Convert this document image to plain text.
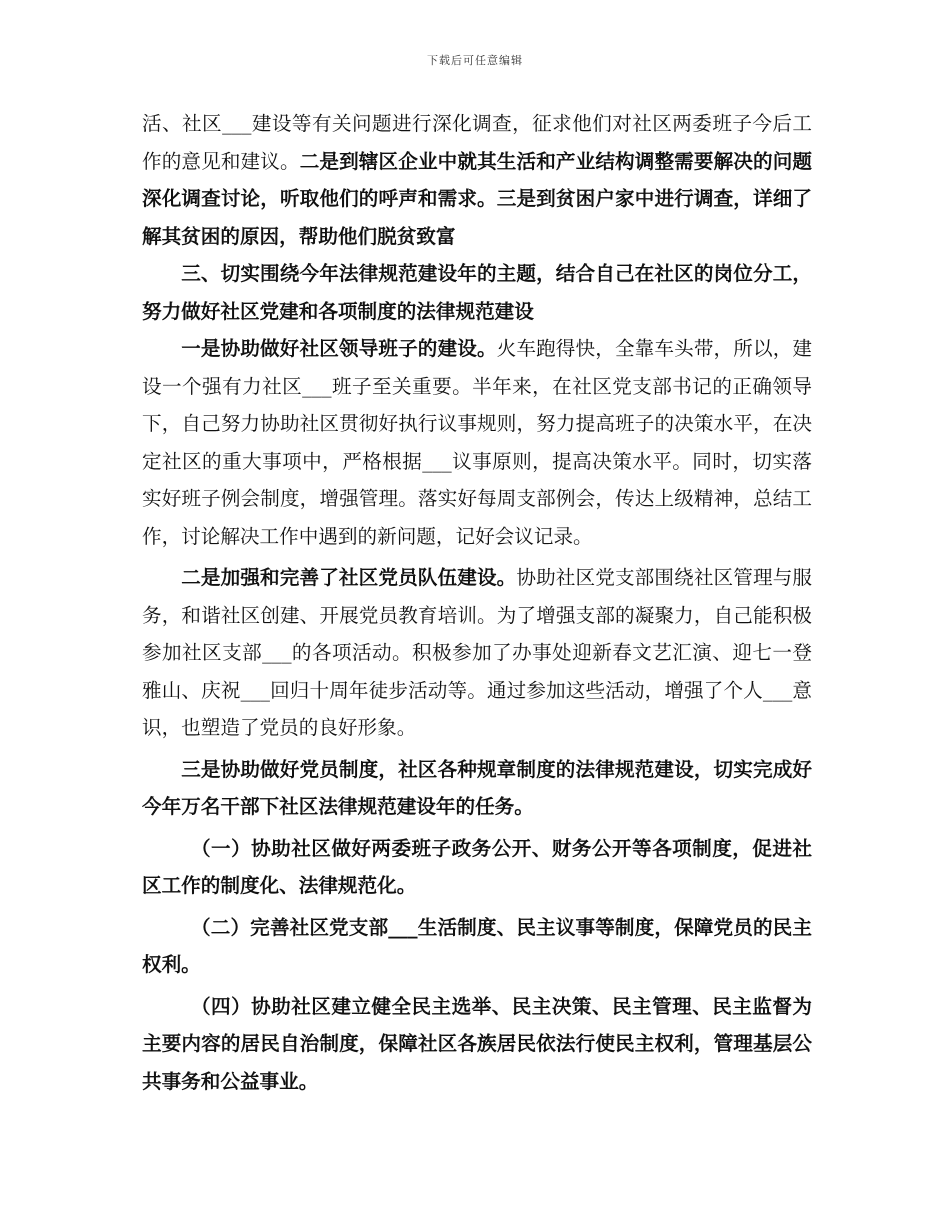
下载后可任意编辑

活、社区___建设等有关问题进行深化调查，征求他们对社区两委班子今后工作的意见和建议。二是到辖区企业中就其生活和产业结构调整需要解决的问题深化调查讨论，听取他们的呼声和需求。三是到贫困户家中进行调查，详细了解其贫困的原因，帮助他们脱贫致富

三、切实围绕今年法律规范建设年的主题，结合自己在社区的岗位分工，努力做好社区党建和各项制度的法律规范建设

一是协助做好社区领导班子的建设。火车跑得快，全靠车头带，所以，建设一个强有力社区___班子至关重要。半年来，在社区党支部书记的正确领导下，自己努力协助社区贯彻好执行议事规则，努力提高班子的决策水平，在决定社区的重大事项中，严格根据___议事原则，提高决策水平。同时，切实落实好班子例会制度，增强管理。落实好每周支部例会，传达上级精神，总结工作，讨论解决工作中遇到的新问题，记好会议记录。

二是加强和完善了社区党员队伍建设。协助社区党支部围绕社区管理与服务，和谐社区创建、开展党员教育培训。为了增强支部的凝聚力，自己能积极参加社区支部___的各项活动。积极参加了办事处迎新春文艺汇演、迎七一登雅山、庆祝___回归十周年徒步活动等。通过参加这些活动，增强了个人___意识，也塑造了党员的良好形象。

三是协助做好党员制度，社区各种规章制度的法律规范建设，切实完成好今年万名干部下社区法律规范建设年的任务。

（一）协助社区做好两委班子政务公开、财务公开等各项制度，促进社区工作的制度化、法律规范化。

（二）完善社区党支部___生活制度、民主议事等制度，保障党员的民主权利。

（四）协助社区建立健全民主选举、民主决策、民主管理、民主监督为主要内容的居民自治制度，保障社区各族居民依法行使民主权利，管理基层公共事务和公益事业。
